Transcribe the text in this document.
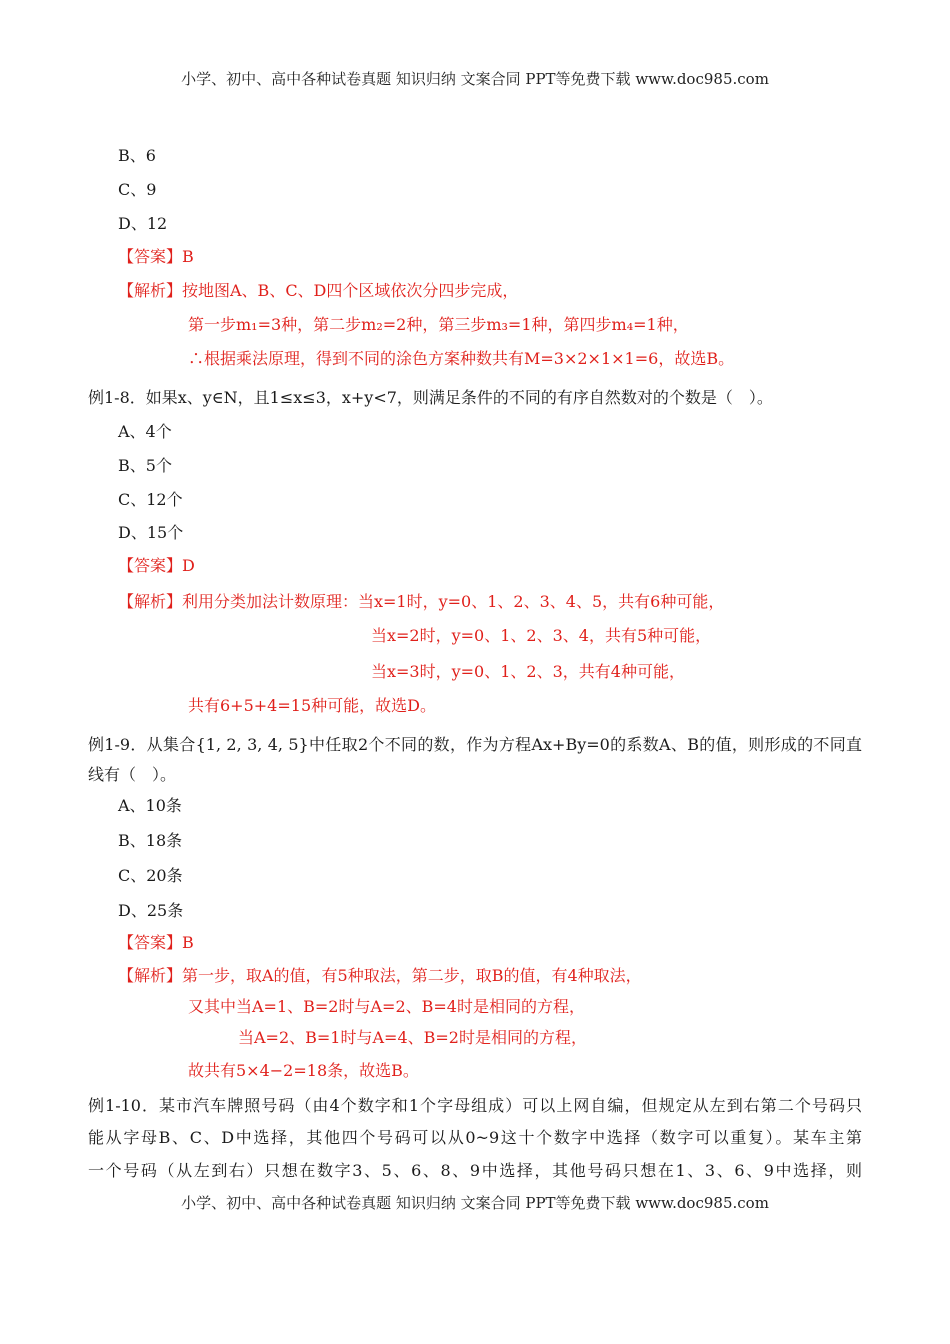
小学、初中、高中各种试卷真题 知识归纳 文案合同 PPT等免费下载 www.doc985.com
B、6
C、9
D、12
【答案】B
【解析】按地图A、B、C、D四个区域依次分四步完成，
第一步m₁=3种，第二步m₂=2种，第三步m₃=1种，第四步m₄=1种，
∴根据乘法原理，得到不同的涂色方案种数共有M=3×2×1×1=6，故选B。
例1-8．如果x、y∈N，且1≤x≤3，x+y<7，则满足条件的不同的有序自然数对的个数是（　）。
A、4个
B、5个
C、12个
D、15个
【答案】D
【解析】利用分类加法计数原理：当x=1时，y=0、1、2、3、4、5，共有6种可能，
当x=2时，y=0、1、2、3、4，共有5种可能，
当x=3时，y=0、1、2、3，共有4种可能，
共有6+5+4=15种可能，故选D。
例1-9．从集合{1, 2, 3, 4, 5}中任取2个不同的数，作为方程Ax+By=0的系数A、B的值，则形成的不同直
线有（　）。
A、10条
B、18条
C、20条
D、25条
【答案】B
【解析】第一步，取A的值，有5种取法，第二步，取B的值，有4种取法，
又其中当A=1、B=2时与A=2、B=4时是相同的方程，
当A=2、B=1时与A=4、B=2时是相同的方程，
故共有5×4−2=18条，故选B。
例1-10．某市汽车牌照号码（由4个数字和1个字母组成）可以上网自编，但规定从左到右第二个号码只
能从字母B、C、D中选择，其他四个号码可以从0~9这十个数字中选择（数字可以重复）。某车主第
一个号码（从左到右）只想在数字3、5、6、8、9中选择，其他号码只想在1、3、6、9中选择，则
小学、初中、高中各种试卷真题 知识归纳 文案合同 PPT等免费下载 www.doc985.com
